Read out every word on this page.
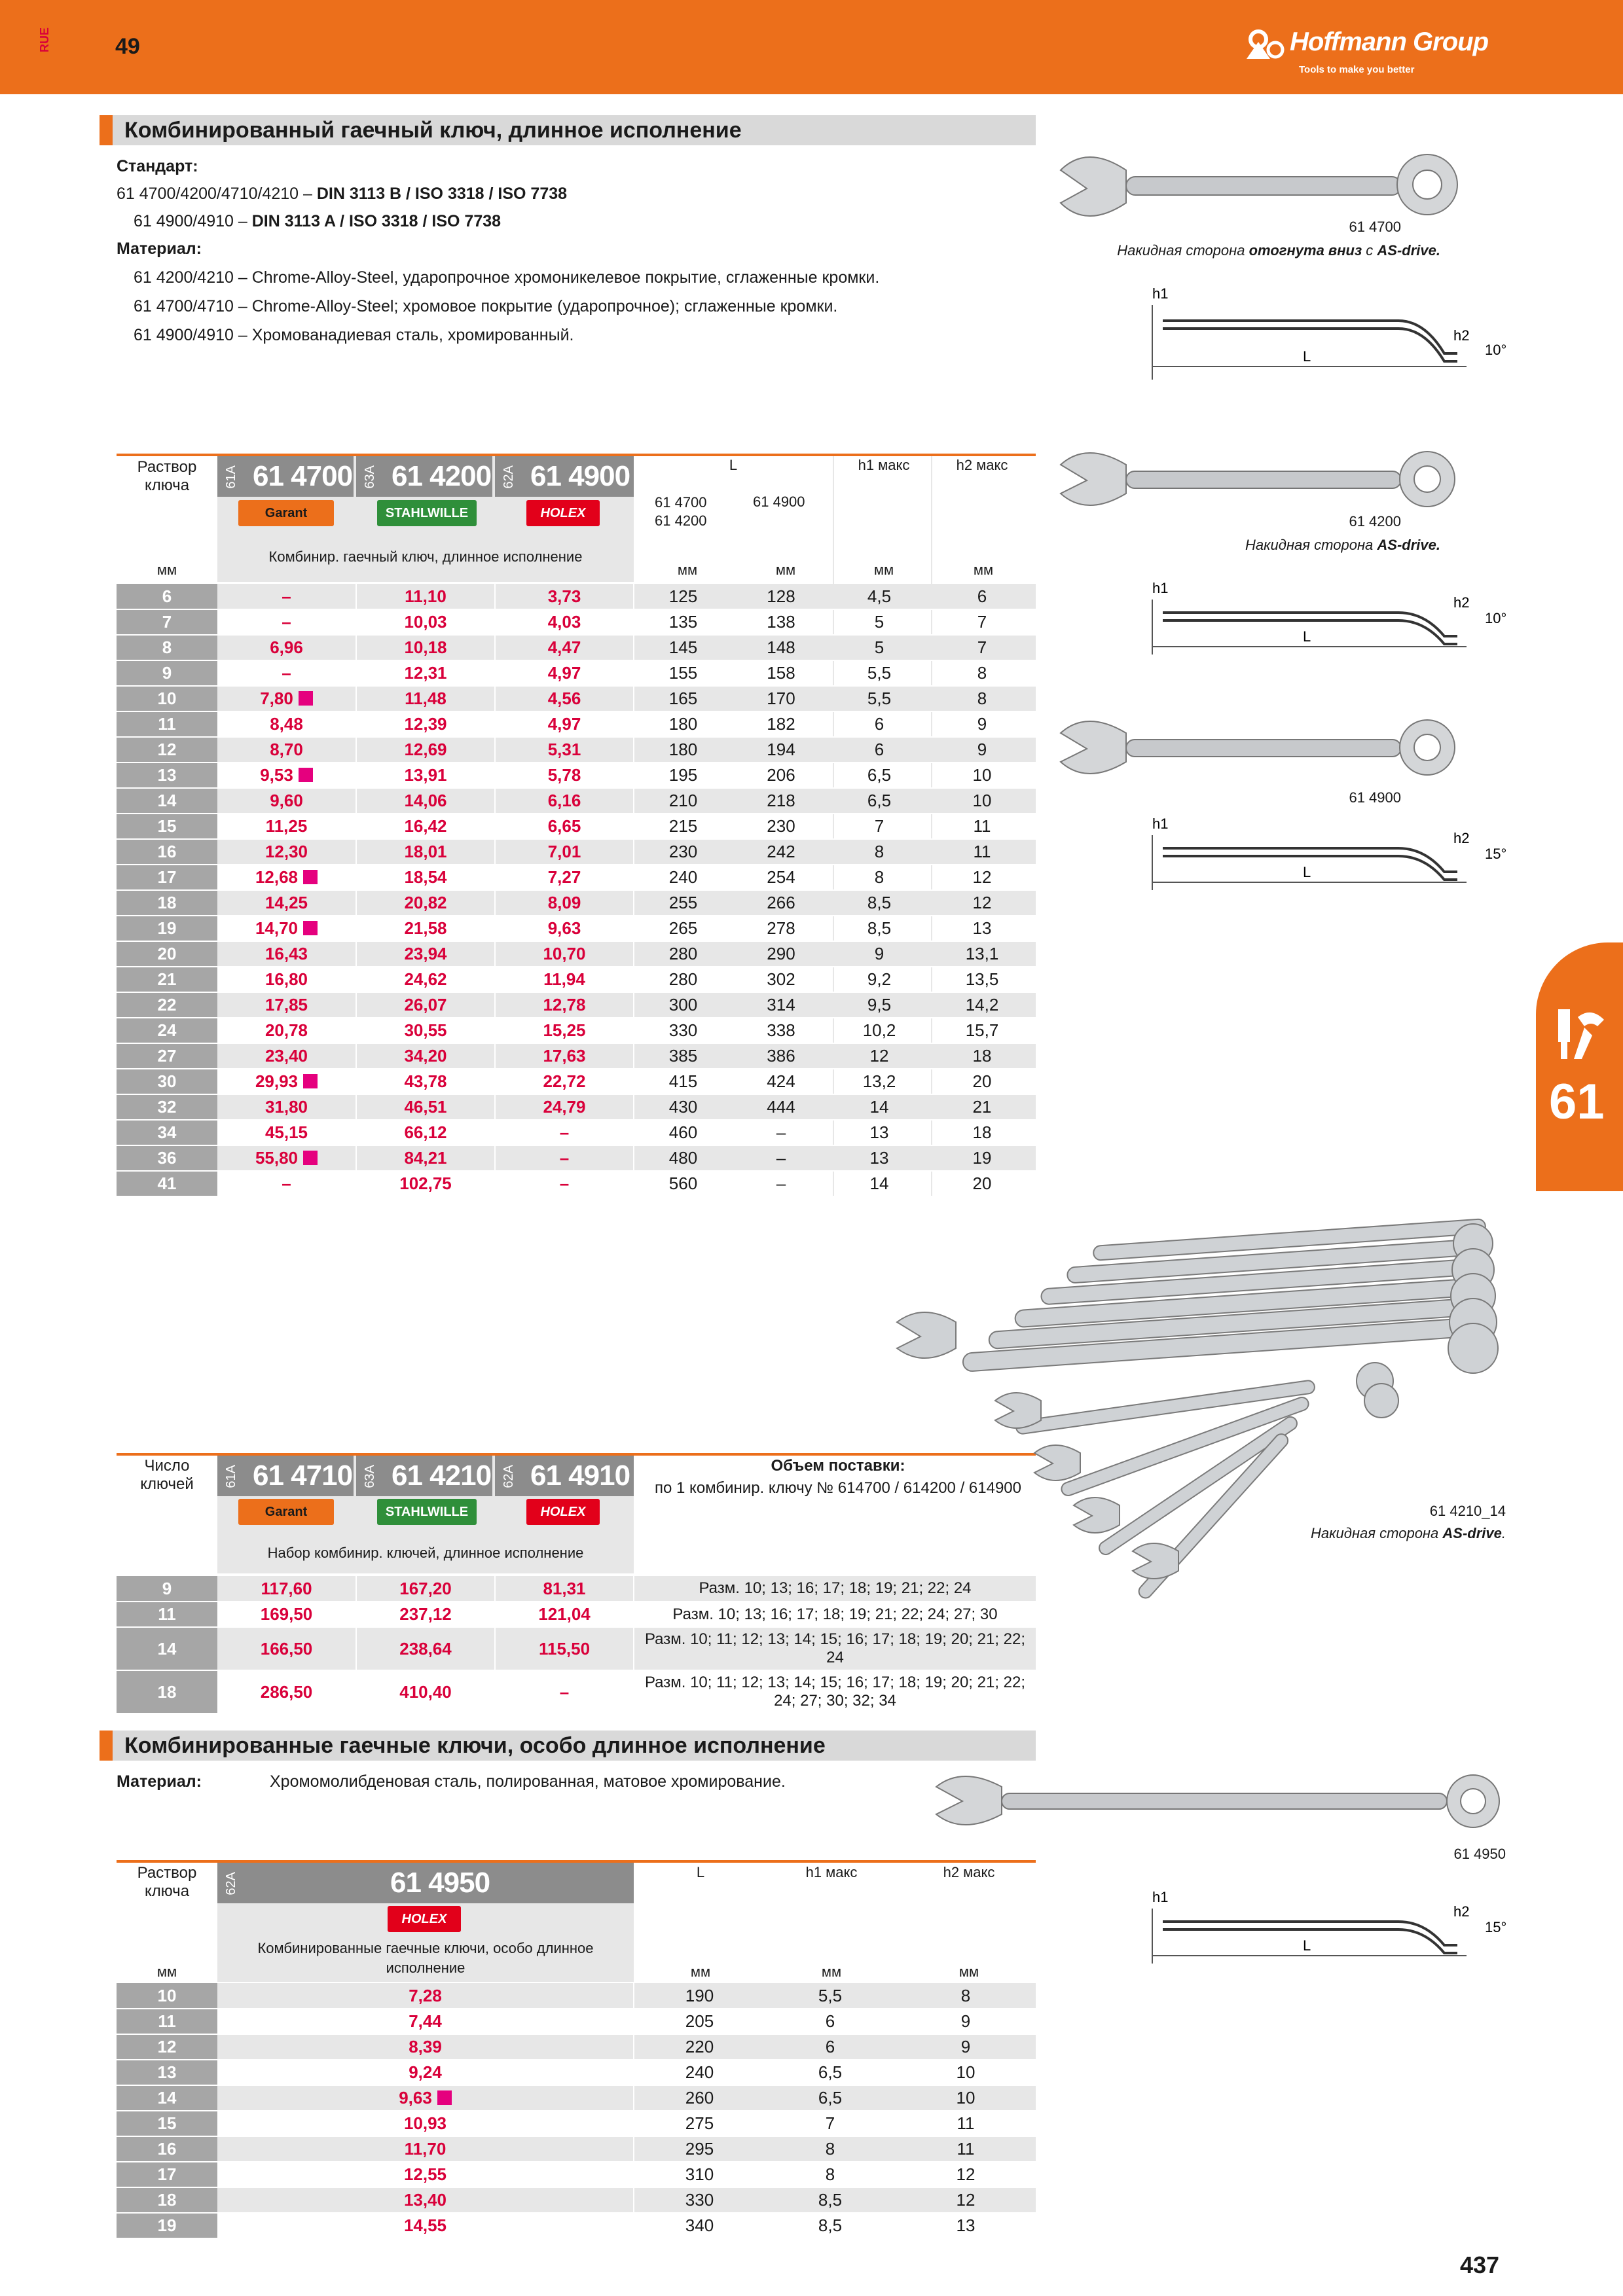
RUE	49	Hoffmann Group
Tools to make you better
61
Комбинированный гаечный ключ, длинное исполнение
Стандарт:
61 4700/4200/4710/4210 – DIN 3113 B / ISO 3318 / ISO 7738
61 4900/4910 – DIN 3113 A / ISO 3318 / ISO 7738
Материал:
61 4200/4210 – Chrome-Alloy-Steel, ударопрочное хромоникелевое покрытие, сглаженные кромки.
61 4700/4710 – Chrome-Alloy-Steel; хромовое покрытие (ударопрочное); сглаженные кромки.
61 4900/4910 – Хромованадиевая сталь, хромированный.
Раствор ключа
мм
61A 61 4700 63A 61 4200 62A 61 4900
Garant	STAHLWILLE	HOLEX
Комбинир. гаечный ключ, длинное исполнение
L
61 4700
61 4200
61 4900
h1 макс	h2 макс
мм	мм	мм	мм
6	–	11,10	3,73	125	128	4,5	6
7	–	10,03	4,03	135	138	5	7
8	6,96	10,18	4,47	145	148	5	7
9	–	12,31	4,97	155	158	5,5	8
10	7,80	11,48	4,56	165	170	5,5	8
11	8,48	12,39	4,97	180	182	6	9
12	8,70	12,69	5,31	180	194	6	9
13	9,53	13,91	5,78	195	206	6,5	10
14	9,60	14,06	6,16	210	218	6,5	10
15	11,25	16,42	6,65	215	230	7	11
16	12,30	18,01	7,01	230	242	8	11
17	12,68	18,54	7,27	240	254	8	12
18	14,25	20,82	8,09	255	266	8,5	12
19	14,70	21,58	9,63	265	278	8,5	13
20	16,43	23,94	10,70	280	290	9	13,1
21	16,80	24,62	11,94	280	302	9,2	13,5
22	17,85	26,07	12,78	300	314	9,5	14,2
24	20,78	30,55	15,25	330	338	10,2	15,7
27	23,40	34,20	17,63	385	386	12	18
30	29,93	43,78	22,72	415	424	13,2	20
32	31,80	46,51	24,79	430	444	14	21
34	45,15	66,12	–	460	–	13	18
36	55,80	84,21	–	480	–	13	19
41	–	102,75	–	560	–	14	20
Число ключей	61A 61 4710 63A 61 4210 62A 61 4910
Garant	STAHLWILLE	HOLEX
Набор комбинир. ключей, длинное исполнение
Объем поставки:
по 1 комбинир. ключу № 614700 / 614200 / 614900
9	117,60	167,20	81,31	Разм. 10; 13; 16; 17; 18; 19; 21; 22; 24
11	169,50	237,12	121,04	Разм. 10; 13; 16; 17; 18; 19; 21; 22; 24; 27; 30
14	166,50	238,64	115,50	Разм. 10; 11; 12; 13; 14; 15; 16; 17; 18; 19; 20; 21; 22; 24
18	286,50	410,40	–	Разм. 10; 11; 12; 13; 14; 15; 16; 17; 18; 19; 20; 21; 22; 24; 27; 30; 32; 34
Комбинированные гаечные ключи, особо длинное исполнение
Материал:	Хромомолибденовая сталь, полированная, матовое хромирование.
Раствор ключа
мм
62A	61 4950
HOLEX
Комбинированные гаечные ключи, особо длинное исполнение
L	h1 макс	h2 макс
мм	мм	мм
10	7,28	190	5,5	8
11	7,44	205	6	9
12	8,39	220	6	9
13	9,24	240	6,5	10
14	9,63	260	6,5	10
15	10,93	275	7	11
16	11,70	295	8	11
17	12,55	310	8	12
18	13,40	330	8,5	12
19	14,55	340	8,5	13
61 4700
Накидная сторона отогнута вниз с AS-drive.
h1
L
h2
10°
61 4200
Накидная сторона AS-drive.
h1
L
h2
10°
61 4900
h1
L
h2
15°
61 4210_14
Накидная сторона AS-drive.
61 4950
h1
L
h2
15°
437
